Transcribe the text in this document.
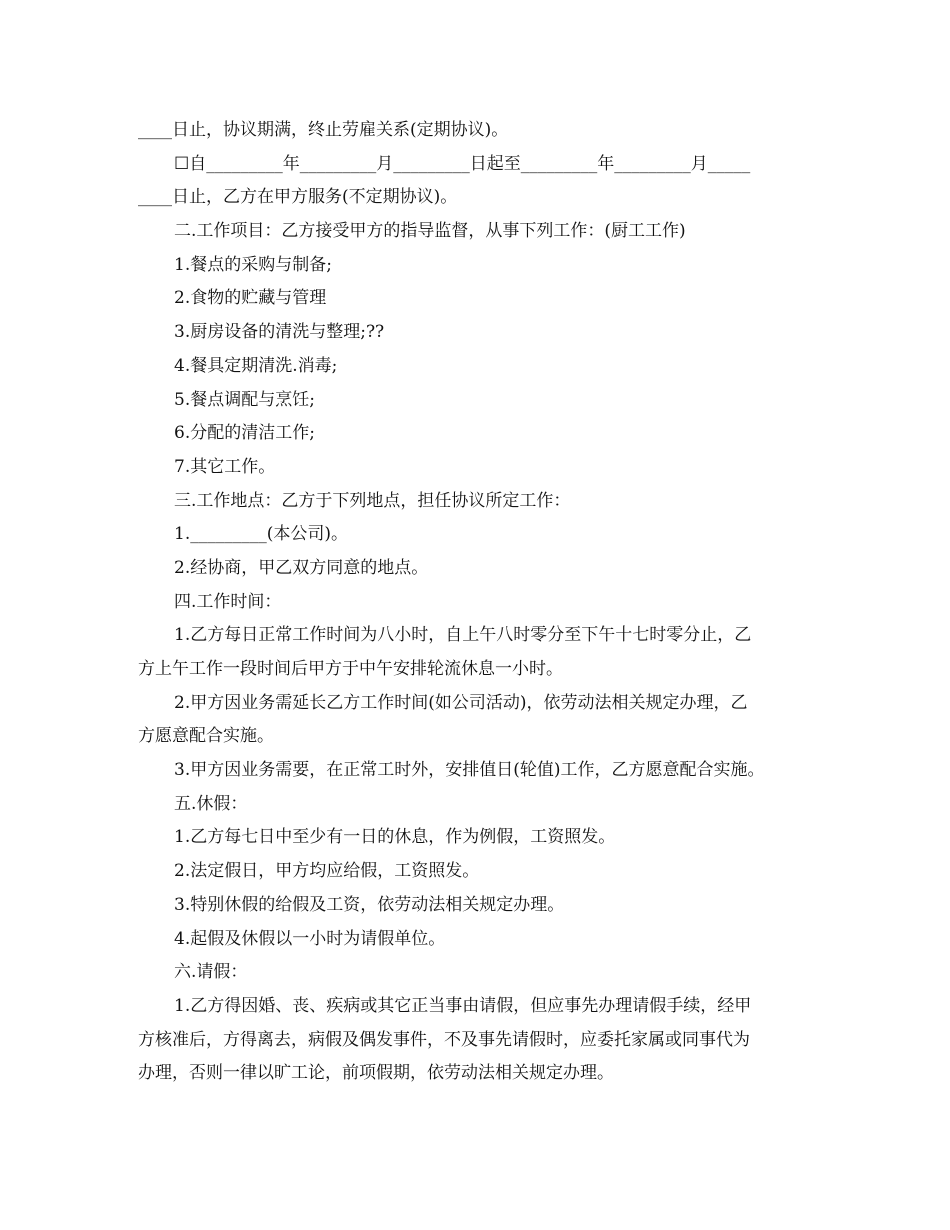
____日止，协议期满，终止劳雇关系(定期协议)。
☐自_________年_________月_________日起至_________年_________月_____
____日止，乙方在甲方服务(不定期协议)。
二.工作项目：乙方接受甲方的指导监督，从事下列工作：(厨工工作)
1.餐点的采购与制备;
2.食物的贮藏与管理
3.厨房设备的清洗与整理;??
4.餐具定期清洗.消毒;
5.餐点调配与烹饪;
6.分配的清洁工作;
7.其它工作。
三.工作地点：乙方于下列地点，担任协议所定工作：
1._________(本公司)。
2.经协商，甲乙双方同意的地点。
四.工作时间：
1.乙方每日正常工作时间为八小时，自上午八时零分至下午十七时零分止，乙
方上午工作一段时间后甲方于中午安排轮流休息一小时。
2.甲方因业务需延长乙方工作时间(如公司活动)，依劳动法相关规定办理，乙
方愿意配合实施。
3.甲方因业务需要，在正常工时外，安排值日(轮值)工作，乙方愿意配合实施。
五.休假：
1.乙方每七日中至少有一日的休息，作为例假，工资照发。
2.法定假日，甲方均应给假，工资照发。
3.特别休假的给假及工资，依劳动法相关规定办理。
4.起假及休假以一小时为请假单位。
六.请假：
1.乙方得因婚、丧、疾病或其它正当事由请假，但应事先办理请假手续，经甲
方核准后，方得离去，病假及偶发事件，不及事先请假时，应委托家属或同事代为
办理，否则一律以旷工论，前项假期，依劳动法相关规定办理。
